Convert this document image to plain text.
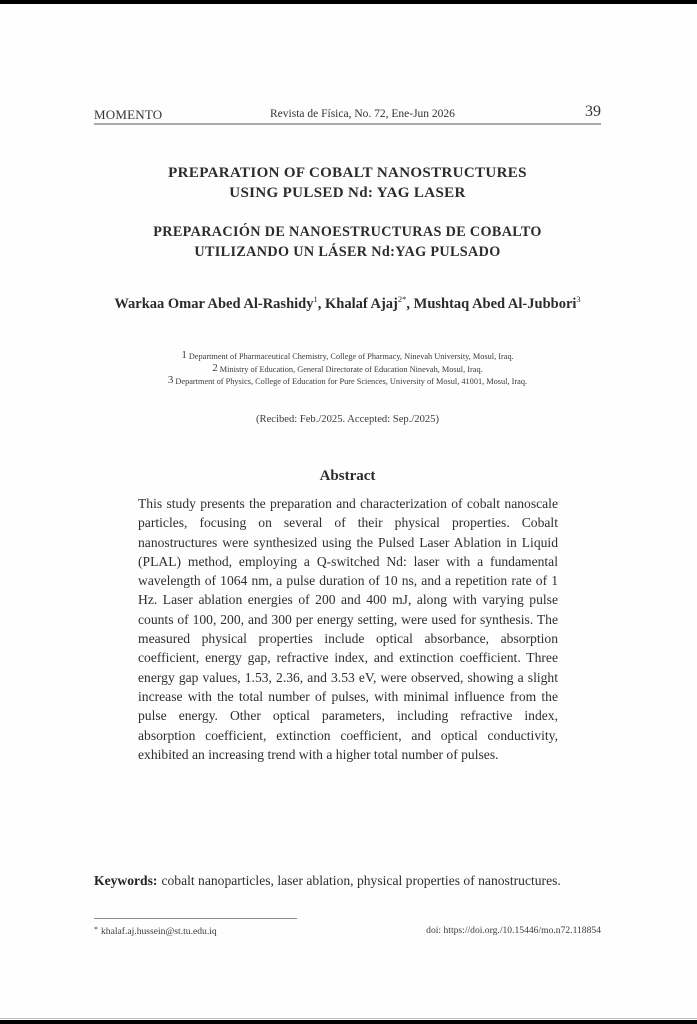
MOMENTO	Revista de Física, No. 72, Ene-Jun 2026	39
PREPARATION OF COBALT NANOSTRUCTURES
USING PULSED Nd: YAG LASER
PREPARACIÓN DE NANOESTRUCTURAS DE COBALTO
UTILIZANDO UN LÁSER Nd:YAG PULSADO
Warkaa Omar Abed Al-Rashidy$^1$, Khalaf Ajaj$^{2*}$, Mushtaq Abed Al-Jubbori$^3$
1 Department of Pharmaceutical Chemistry, College of Pharmacy, Ninevah University, Mosul, Iraq.
2 Ministry of Education, General Directorate of Education Ninevah, Mosul, Iraq.
3 Department of Physics, College of Education for Pure Sciences, University of Mosul, 41001, Mosul, Iraq.
(Recibed: Feb./2025. Accepted: Sep./2025)
Abstract

This study presents the preparation and characterization of cobalt nanoscale particles, focusing on several of their physical properties. Cobalt nanostructures were synthesized using the Pulsed Laser Ablation in Liquid (PLAL) method, employing a Q-switched Nd: laser with a fundamental wavelength of 1064 nm, a pulse duration of 10 ns, and a repetition rate of 1 Hz. Laser ablation energies of 200 and 400 mJ, along with varying pulse counts of 100, 200, and 300 per energy setting, were used for synthesis. The measured physical properties include optical absorbance, absorption coefficient, energy gap, refractive index, and extinction coefficient. Three energy gap values, 1.53, 2.36, and 3.53 eV, were observed, showing a slight increase with the total number of pulses, with minimal influence from the pulse energy. Other optical parameters, including refractive index, absorption coefficient, extinction coefficient, and optical conductivity, exhibited an increasing trend with a higher total number of pulses.

Keywords: cobalt nanoparticles, laser ablation, physical properties of nanostructures.

* khalaf.aj.hussein@st.tu.edu.iq	doi: https://doi.org./10.15446/mo.n72.118854
